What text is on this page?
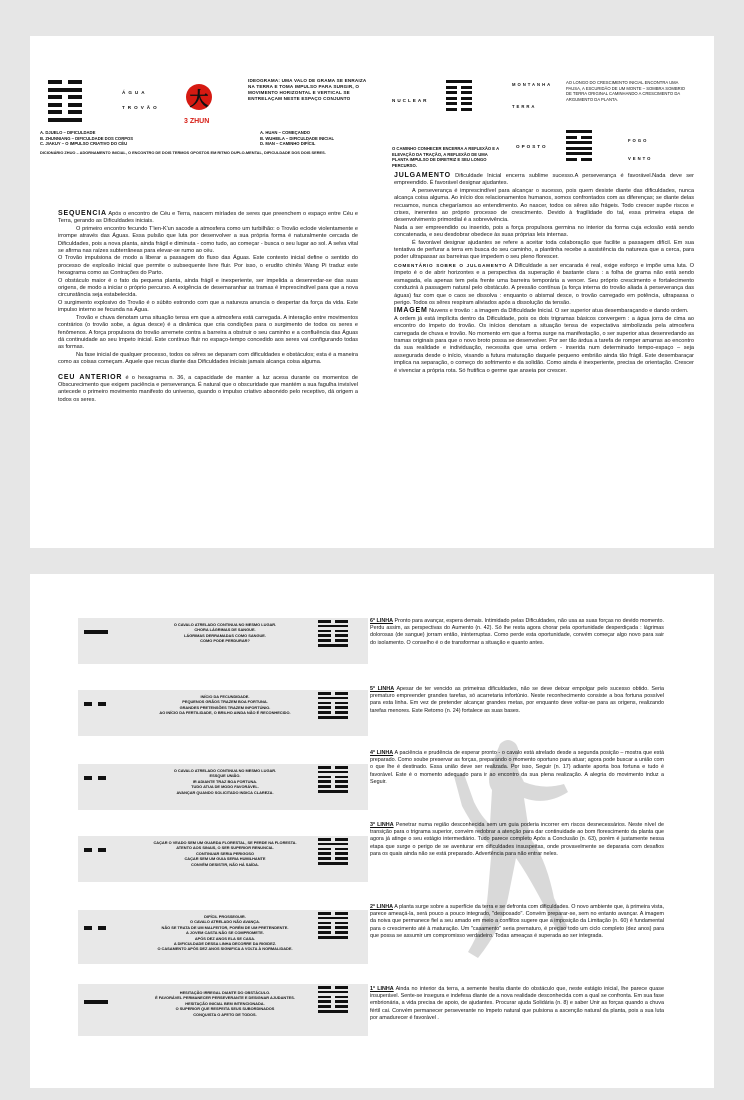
ÁGUA
TROVÃO 大
3 ZHUN
IDEOGRAMA: UMA VALO DE GRAMA SE ENRAIZA NA TERRA E TOMA IMPULSO PARA SURGIR, O MOVIMENTO HORIZONTAL E VERTICAL SE ENTRELAÇAM NESTE ESPAÇO CONJUNTO
A. DJUELO – DIFICULDADE
B. ZHUNNIANG – DIFICULDADE DOS CORPOS
C. JIAKUY – O IMPULSO CRIATIVO DO CÉU
A. HUAN – COMEÇANDO
B. WUHEILA – DIFICULDADE INICIAL
D. MAN – CAMINHO DIFÍCIL
DICIONÁRIO ZHUO – ADORNAMENTO INICIAL, O ENCONTRO DE DOIS TERMOS OPOSTOS EM RITMO DUPLO-MENTAL, DIFICULDADE DOS DOIS SERES.
NUCLEAR
MONTANHA
TERRA
AO LONGO DO CRESCIMENTO INICIAL ENCONTRA UMA PAUSA, A ESCURIDÃO DE UM MONTE – SOMBRA SOMBRIO DE TERRA ORIGINAL CAMINHANDO A CRESCIMENTO DA ARGUMENTO DA PLANTA.
O CAMINHO CONHECER ENCERRA A REFLEXÃO E A ELEVAÇÃO DA TRAÇÃO, A REFLEXÃO DE UMA PLANTA IMPULSO DE DIRETRIZ E SEU LONGO PERCURSO.
OPOSTO
FOGO
VENTO

SEQUENCIA Após o encontro de Céu e Terra, nascem miríades de seres que preenchem o espaço entre Céu e Terra, gerando as Dificuldades iniciais.

O primeiro encontro fecundo T'ien-K'un sacode a atmosfera como um turbilhão: o Trovão eclode violentamente e irrompe através das Águas. Essa pulsão que luta por desenvolver a sua própria forma é naturalmente cercada de Dificuldades, pois a nova planta, ainda frágil e diminuta - como tudo, ao começar - busca o seu lugar ao sol. A selva vital se afirma nas raízes subterrâneas para elevar-se rumo ao céu.

O Trovão impulsiona de modo a liberar a passagem do fluxo das Águas. Este contexto inicial define o sentido do processo de explosão inicial que permite o subsequente livre fluir. Por isso, o erudito chinês Wang Pi traduz este hexagrama como as Contrações do Parto.

O obstáculo maior é o fato da pequena planta, ainda frágil e inexperiente, ser impelida a desenredar-se das suas origens, de modo a iniciar o próprio percurso. A exigência de desemaranhar as tramas é imprescindível para que a nova circunstância seja estabelecida.

O surgimento explosivo do Trovão é o súbito estrondo com que a natureza anuncia o despertar da força da vida. Este impulso interno se fecunda na Água.

Trovão e chuva denotam uma situação tensa em que a atmosfera está carregada. A interação entre movimentos contrários (o trovão sobe, a água desce) é a dinâmica que cria condições para o surgimento de todos os seres e fenômenos. A força propulsora do trovão arremete contra a barreira a obstruir o seu caminho e a confluência das Águas dá continuidade ao seu ímpeto inicial. Este contínuo fluir no espaço-tempo concedido aos seres vai configurando todas as formas.

Na fase inicial de qualquer processo, todos os sêres se deparam com dificuldades e obstáculos; esta é a maneira como as coisas começam. Aquele que recua diante das Dificuldades iniciais jamais alcança coisa alguma.

CEU ANTERIOR é o hexagrama n. 36, a capacidade de manter a luz acesa durante os momentos de Obscurecimento que exigem paciência e perseverança. É natural que o obscuridade que mantém a sua fagulha invisível antecede o primeiro movimento manifesto do universo, quando o impulso criativo absorvido pelo receptivo, dá origem a todos os seres.

JULGAMENTO Dificuldade Inicial encerra sublime sucesso.A perseverança é favorável.Nada deve ser empreendido. É favorável designar ajudantes.

A perseverança é imprescindível para alcançar o sucesso, pois quem desiste diante das dificuldades, nunca alcança coisa alguma. Ao início dos relacionamentos humanos, somos confrontados com as diferenças; se diante delas recuamos, nunca chegaríamos ao entendimento. Ao nascer, todos os sêres são frágeis. Todo crescer supõe riscos e crises, inerentes ao próprio processo de crescimento. Devido à fragilidade do tal, essa primeira etapa de desenvolvimento primordial é a sobrevivência.

Nada a ser empreendido ou inserido, pois a força propulsora germina no interior da forma cuja eclosão está sendo concatenada, e seu desdobrar obedece às suas próprias leis internas.

É favorável designar ajudantes se refere a aceitar toda colaboração que facilite a passagem difícil. Em sua tentativa de perfurar a terra em busca do seu caminho, a plantinha recebe a assistência da natureza que a cerca, para poder ultrapassar as barreiras que impedem o seu pleno florescer.

COMENTÁRIO SOBRE O JULGAMENTO A Dificuldade a ser encarada é real, exige esforço e impõe uma luta. O ímpeto é o de abrir horizontes e a perspectiva da superação é bastante clara : a folha de grama não está sendo esmagada, ela apenas tem pela frente uma barreira temporária a vencer. Seu próprio crescimento e fortalecimento conduzirá à passagem natural pelo obstáculo. A pressão contínua (a força interna do trovão aliada à perseverança das águas) faz com que o caos se dissolva : enquanto o abismal desce, o trovão carregado em potência, ultrapassa o perigo. Todos os sêres respiram aliviados após a dissolução da tensão.

IMAGEM Nuvens e trovão : a imagem da Dificuldade Inicial. O ser superior atua desembaraçando e dando ordem.

A ordem já está implícita dentro da Dificuldade, pois os dois trigramas básicos convergem : a água jorra de cima ao encontro do ímpeto do trovão. Os inícios denotam a situação tensa de expectativa simbolizada pela atmosfera carregada de chuva e trovão. No momento em que a forma surge na manifestação, o ser superior atua desenredando as tramas originais para que o novo broto possa se desenvolver. Por ser tão árdua a tarefa de romper amarras ao encontro da sua realidade e individuação, necessita que uma ordem - inserida num determinado tempo-espaço – seja assegurada desde o início, visando a futura maturação daquele pequeno embrião ainda tão frágil. Este desembaraçar implica na separação, o começo do sofrimento e da solidão. Como ainda é inexperiente, precisa de orientação. Crescer é vivenciar a própria rota. Só frutifica o germe que anseia por crescer.

O CAVALO ATRELADO CONTINUA NO MESMO LUGAR.
CHORA LÁGRIMAS DE SANGUE.
LÁGRIMAS DERRAMADAS COMO SANGUE.
COMO PODE PERDURAR?
INÍCIO DA FECUNDIDADE.
PEQUENOS GRÃOS TRAZEM BOA FORTUNA.
GRANDES PRETENSÕES TRAZEM INFORTÚNIO.
AO INÍCIO DA FERTILIDADE, O BRILHO AINDA NÃO É RECONHECIDO.
O CAVALO ATRELADO CONTINUA NO MESMO LUGAR.
ESSQUE UNIÃO.
IR ADIANTE TRAZ BOA FORTUNA.
TUDO ATUA DE MODO FAVORÁVEL.
AVANÇAR QUANDO SOLICITADO INDICA CLAREZA.
CAÇAR O VEADO SEM UM GUARDA FLORESTAL, SE PERDE NA FLORESTA.
ATENTO AOS SINAIS, O SER SUPERIOR RENUNCIA.
CONTINUAR SERIA PERIGOSO
CAÇAR SEM UM GUIA SERIA HUMILHANTE
CONVÉM DESISTIR, NÃO HÁ SAÍDA.
DIFÍCIL PROSSEGUIR.
O CAVALO ATRELADO NÃO AVANÇA.
NÃO SE TRATA DE UM MALFEITOR, PORÉM DE UM PRETENDENTE.
A JOVEM CASTA NÃO SE COMPROMETE.
APÓS DEZ ANOS ELA SE CASA.
A DIFICULDADE DESSA LINHA DECORRE DA RIGIDEZ.
O CASAMENTO APÓS DEZ ANOS SIGNIFICA A VOLTA À NORMALIDADE.
HESITAÇÃO IRREGAL DIANTE DO OBSTÁCULO.
É FAVORÁVEL PERMANECER PERSEVERANTE E DESIGNAR AJUDANTES.
HESITAÇÃO INICIAL BEM INTENCIONADA.
O SUPERIOR QUE RESPEITA SEUS SUBORDINADOS
CONQUISTA O AFETO DE TODOS.
6ª LINHA Pronto para avançar, espera demais. Intimidado pelas Dificuldades, não usa as suas forças no devido momento. Perdu assim, as perspectivas do Aumento (n. 42). Só lhe resta agora chorar pela oportunidade desperdiçada : lágrimas dolorosas (de sangue) jorram então, ininterruptas. Como perde esta oportunidade, convém começar algo novo para sair do isolamento. O conselho é o de transformar a situação e quanto antes.
5ª LINHA Apesar de ter vencido as primeiras dificuldades, não se deve deixar empolgar pelo sucesso obtido. Seria prematuro empreender grandes tarefas, só acarretaria infortúnio. Neste reconhecimento consiste a boa fortuna possível para esta linha. Em vez de pretender alcançar grandes metas, por enquanto deve voltar-se para as origens, realizando tarefas menores. Este Retorno (n. 24) fortalece as suas bases.
4ª LINHA A paciência e prudência de esperar pronto - o cavalo está atrelado desde a segunda posição – mostra que está preparado. Como soube preservar as forças, preparando o momento oportuno para atuar; agora pode buscar a união com o que lhe é destinado. Essa união deve ser realizada. Por isso, Seguir (n. 17) adiante aporta boa fortuna e tudo é favorável. Este é o momento adequado para ir ao encontro da sua plena realização. A alegria do movimento induz a Seguir.
3ª LINHA Penetrar numa região desconhecida sem um guia poderia incorrer em riscos desnecessários. Neste nível de transição para o trigrama superior, convém redobrar a atenção para dar continuidade ao bom florescimento da planta que agora já atinge o seu estágio intermediário. Tudo parece completo Após a Conclusão (n. 63), porém é justamente nessa etapa que surge o perigo de se aventurar em dificuldades insuspeitas, onde provavelmente se depararia com desafios para os quais ainda não se está preparado. Advertência para não entrar neles.
2ª LINHA A planta surge sobre a superfície da terra e se defronta com dificuldades. O novo ambiente que, à primeira vista, parece ameaçá-la, será pouco a pouco integrado, "desposado". Convém preparar-se, sem no entanto avançar. A imagem da noiva que permanece fiel a seu amado em meio a conflitos sugere que a imposição da Limitação (n. 60) é fundamental para o crescimento até à maturação. Um "casamento" seria prematuro, é preciso todo um ciclo completo (dez anos) para que possa se assumir um compromisso verdadeiro. Todas ameaças é superada ao ser integrada.
1ª LINHA Ainda no interior da terra, a semente hesita diante do obstáculo que, neste estágio inicial, lhe parece quase insuperável. Sente-se insegura e indefesa diante de a nova realidade desconhecida com a qual se confronta. Em sua fase embrionária, a vida precisa de apoio, de ajudantes. Procurar ajuda Solidária (n. 8) e saber Unir as forças quando a chuva fértil cai. Convém permanecer perseverante no ímpeto natural que pulsiona a ascenção natural da planta, pois a sua luta por amadurecer é favorável .
